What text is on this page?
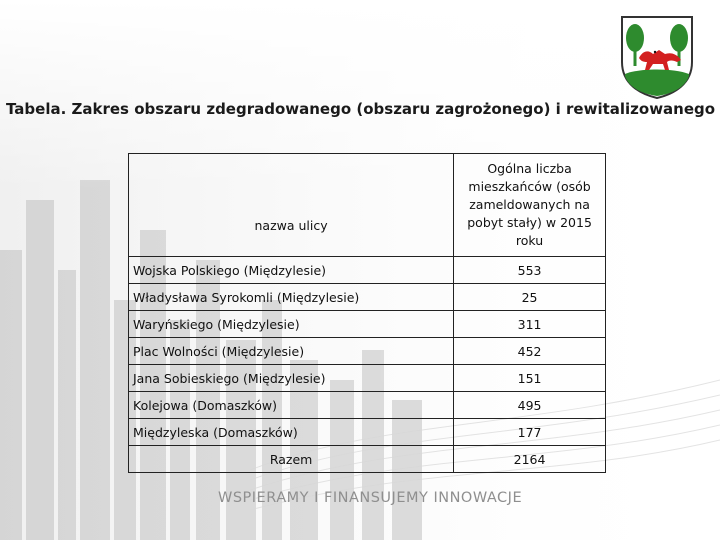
Tabela. Zakres obszaru zdegradowanego (obszaru zagrożonego) i rewitalizowanego
nazwa ulicy	Ogólna liczba mieszkańców (osób zameldowanych na pobyt stały) w 2015 roku
Wojska Polskiego (Międzylesie)	553
Władysława Syrokomli (Międzylesie)	25
Waryńskiego (Międzylesie)	311
Plac Wolności (Międzylesie)	452
Jana Sobieskiego (Międzylesie)	151
Kolejowa (Domaszków)	495
Międzyleska (Domaszków)	177
Razem	2164
WSPIERAMY I FINANSUJEMY INNOWACJE
